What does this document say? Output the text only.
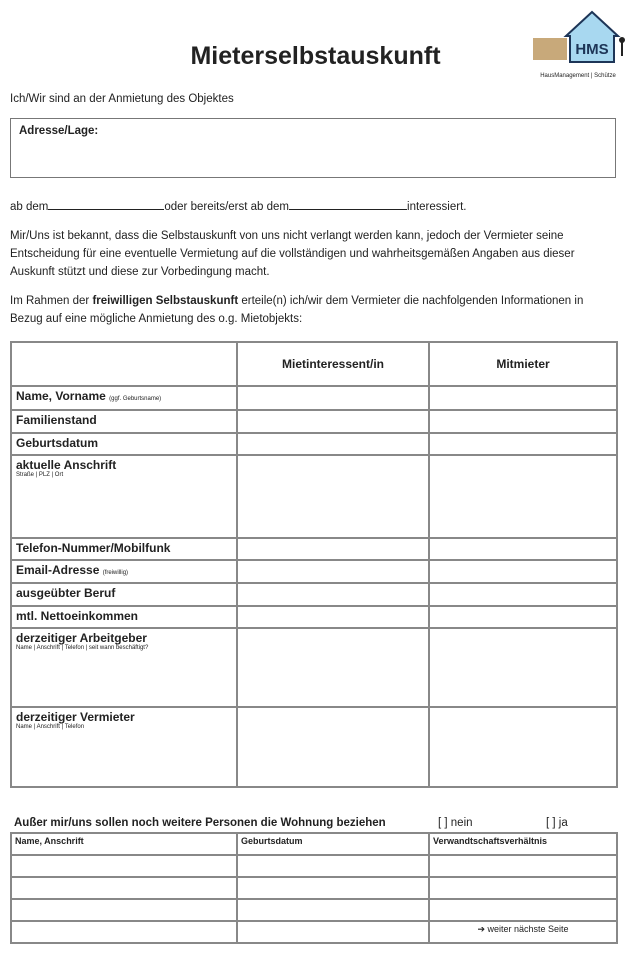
Mieterselbstauskunft	HMS
HausManagement | Schütze
Ich/Wir sind an der Anmietung des Objektes
Adresse/Lage:
ab dem	oder bereits/erst ab dem	interessiert.
Mir/Uns ist bekannt, dass die Selbstauskunft von uns nicht verlangt werden kann, jedoch der Vermieter seine Entscheidung für eine eventuelle Vermietung auf die vollständigen und wahrheitsgemäßen Angaben aus dieser Auskunft stützt und diese zur Vorbedingung macht.
Im Rahmen der freiwilligen Selbstauskunft erteile(n) ich/wir dem Vermieter die nachfolgenden Informationen in Bezug auf eine mögliche Anmietung des o.g. Mietobjekts:
	Mietinteressent/in	Mitmieter
Name, Vorname (ggf. Geburtsname)		
Familienstand		
Geburtsdatum		
aktuelle Anschrift
Straße | PLZ | Ort		

Telefon-Nummer/Mobilfunk		
Email-Adresse (freiwillig)		
ausgeübter Beruf		
mtl. Nettoeinkommen		
derzeitiger Arbeitgeber
Name | Anschrift | Telefon | seit wann beschäftigt?		

derzeitiger Vermieter
Name | Anschrift | Telefon		

Außer mir/uns sollen noch weitere Personen die Wohnung beziehen	[ ] nein	[ ] ja
Name, Anschrift	Geburtsdatum	Verwandtschaftsverhältnis

		➔ weiter nächste Seite
